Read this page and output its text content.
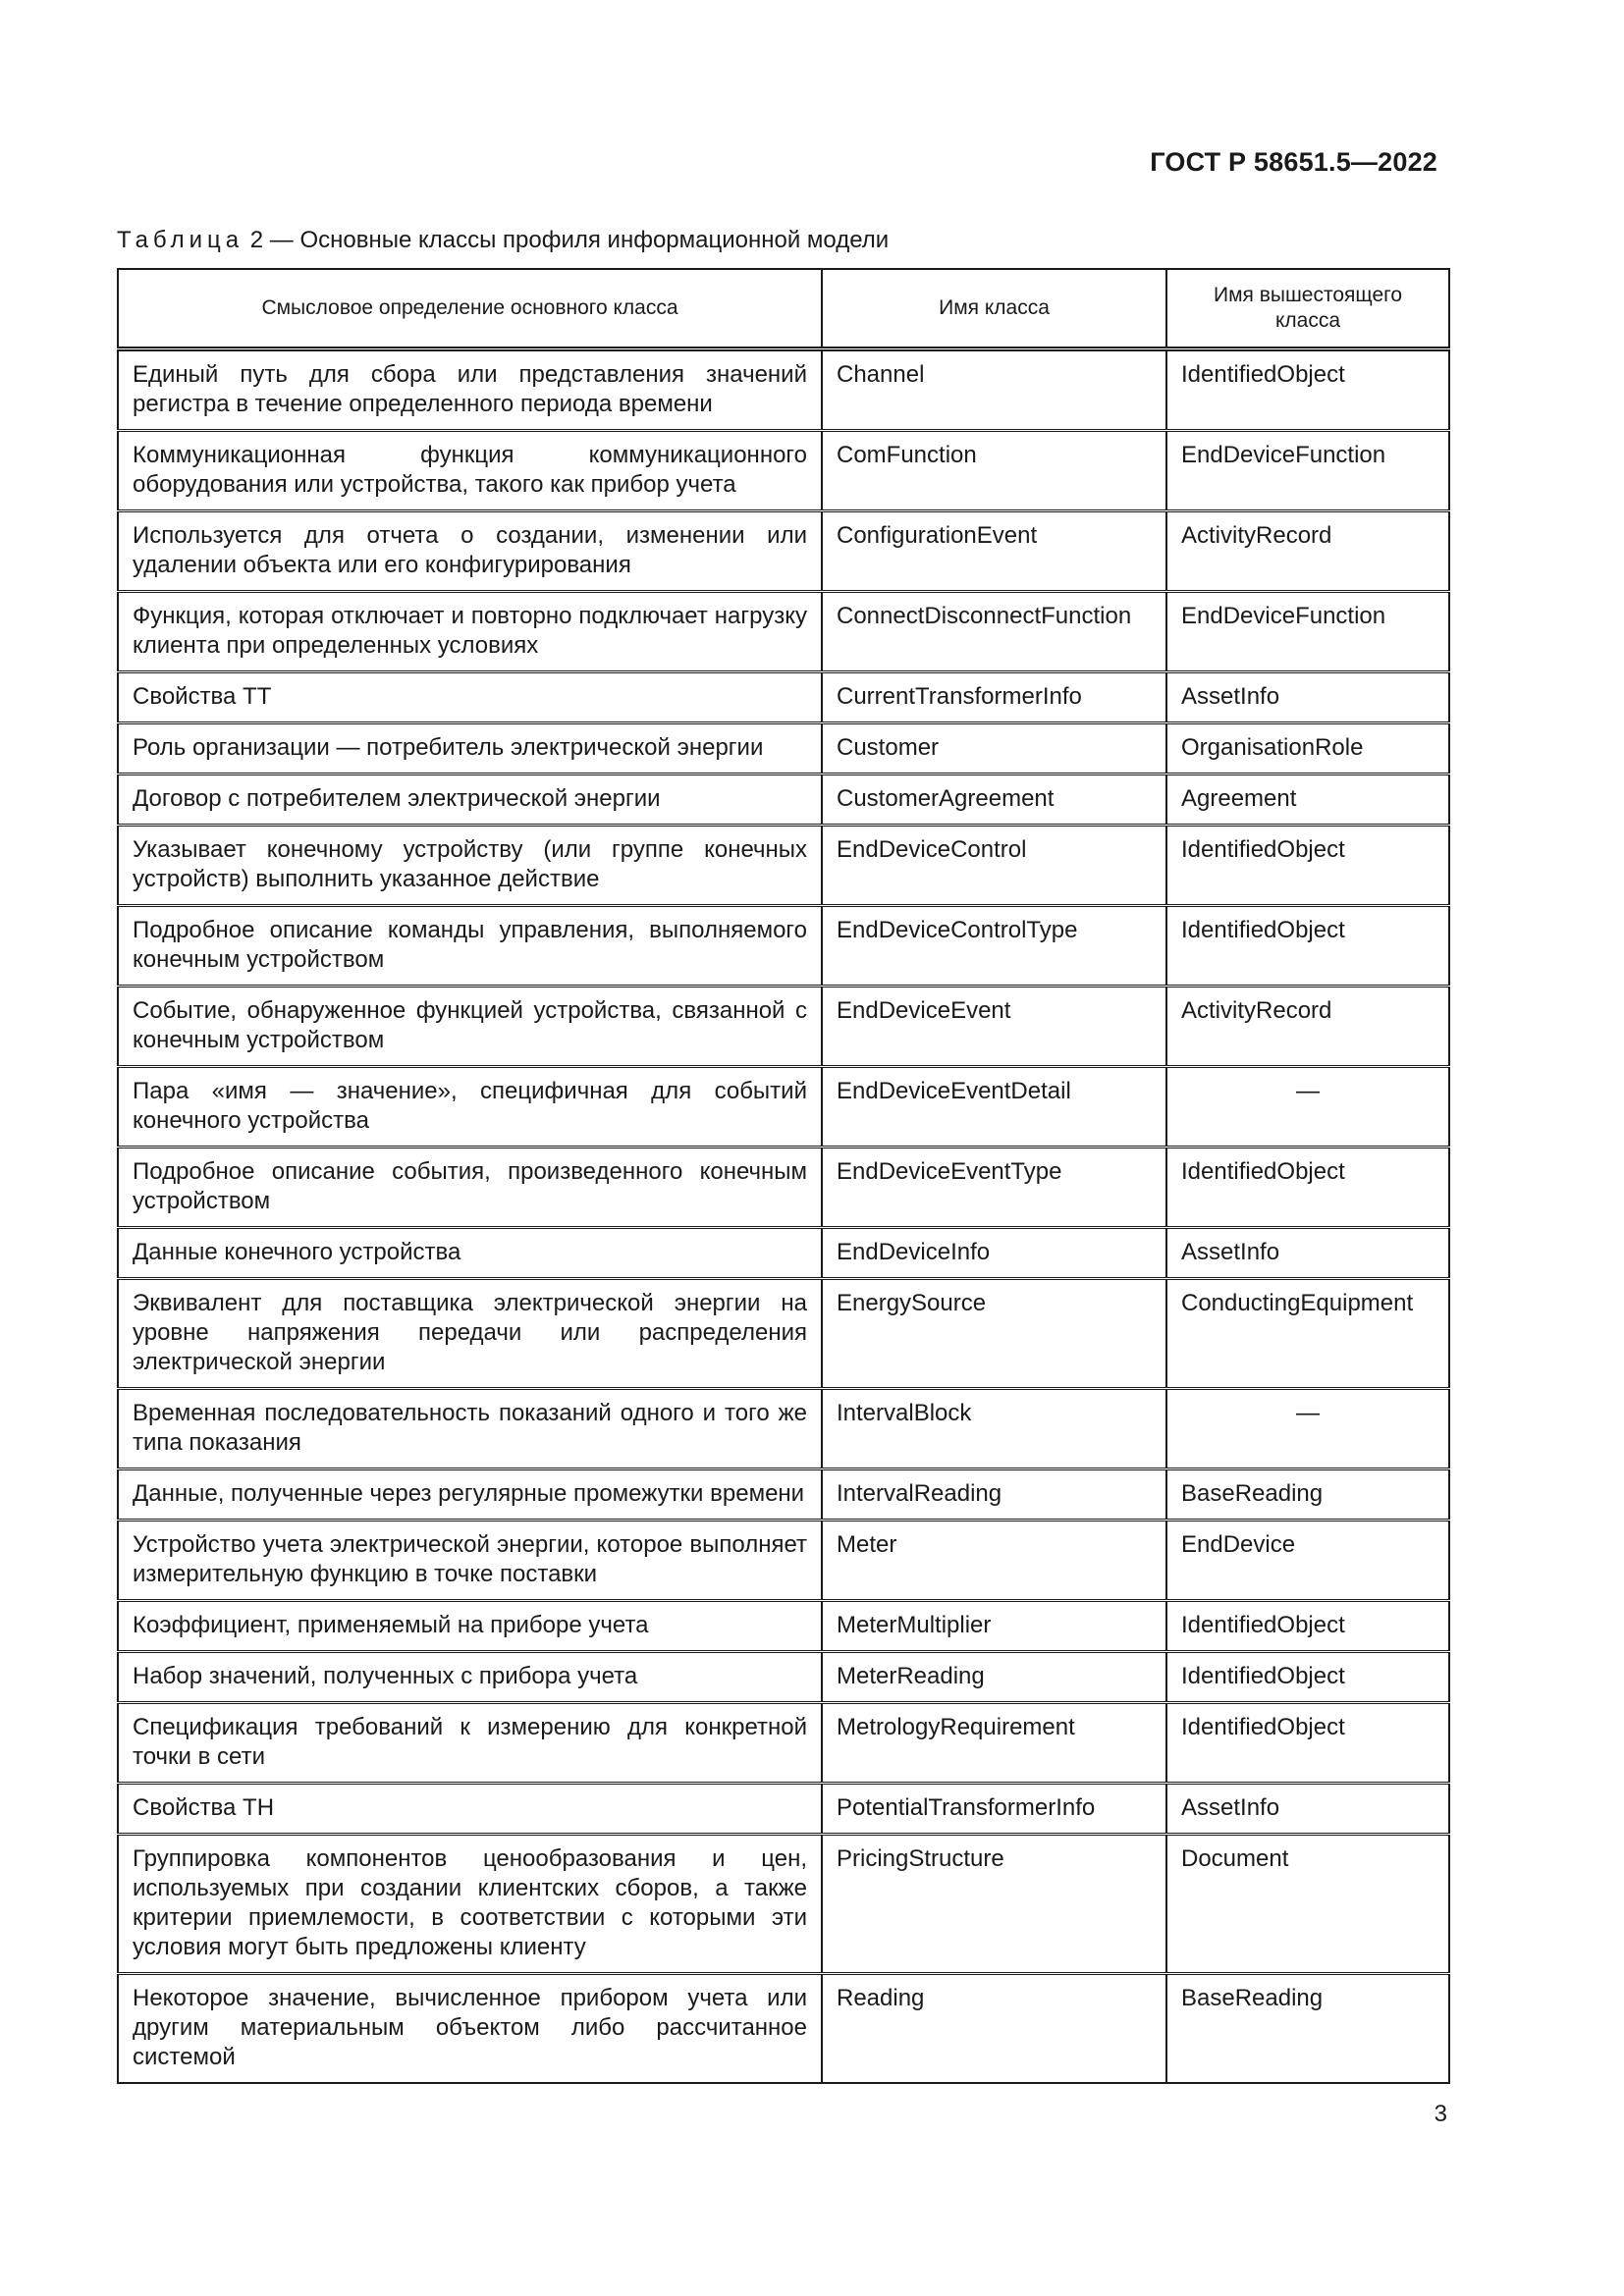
ГОСТ Р 58651.5—2022
Таблица 2 — Основные классы профиля информационной модели
Смысловое определение основного класса	Имя класса	Имя вышестоящего класса
Единый путь для сбора или представления значений регистра в течение определенного периода времени	Channel	IdentifiedObject
Коммуникационная функция коммуникационного оборудования или устройства, такого как прибор учета	ComFunction	EndDeviceFunction
Используется для отчета о создании, изменении или удалении объекта или его конфигурирования	ConfigurationEvent	ActivityRecord
Функция, которая отключает и повторно подключает нагрузку клиента при определенных условиях	ConnectDisconnectFunction	EndDeviceFunction
Свойства ТТ	CurrentTransformerInfo	AssetInfo
Роль организации — потребитель электрической энергии	Customer	OrganisationRole
Договор с потребителем электрической энергии	CustomerAgreement	Agreement
Указывает конечному устройству (или группе конечных устройств) выполнить указанное действие	EndDeviceControl	IdentifiedObject
Подробное описание команды управления, выполняемого конечным устройством	EndDeviceControlType	IdentifiedObject
Событие, обнаруженное функцией устройства, связанной с конечным устройством	EndDeviceEvent	ActivityRecord
Пара «имя — значение», специфичная для событий конечного устройства	EndDeviceEventDetail	—
Подробное описание события, произведенного конечным устройством	EndDeviceEventType	IdentifiedObject
Данные конечного устройства	EndDeviceInfo	AssetInfo
Эквивалент для поставщика электрической энергии на уровне напряжения передачи или распределения электрической энергии	EnergySource	ConductingEquipment
Временная последовательность показаний одного и того же типа показания	IntervalBlock	—
Данные, полученные через регулярные промежутки времени	IntervalReading	BaseReading
Устройство учета электрической энергии, которое выполняет измерительную функцию в точке поставки	Meter	EndDevice
Коэффициент, применяемый на приборе учета	MeterMultiplier	IdentifiedObject
Набор значений, полученных с прибора учета	MeterReading	IdentifiedObject
Спецификация требований к измерению для конкретной точки в сети	MetrologyRequirement	IdentifiedObject
Свойства ТН	PotentialTransformerInfo	AssetInfo
Группировка компонентов ценообразования и цен, используемых при создании клиентских сборов, а также критерии приемлемости, в соответствии с которыми эти условия могут быть предложены клиенту	PricingStructure	Document
Некоторое значение, вычисленное прибором учета или другим материальным объектом либо рассчитанное системой	Reading	BaseReading
3
